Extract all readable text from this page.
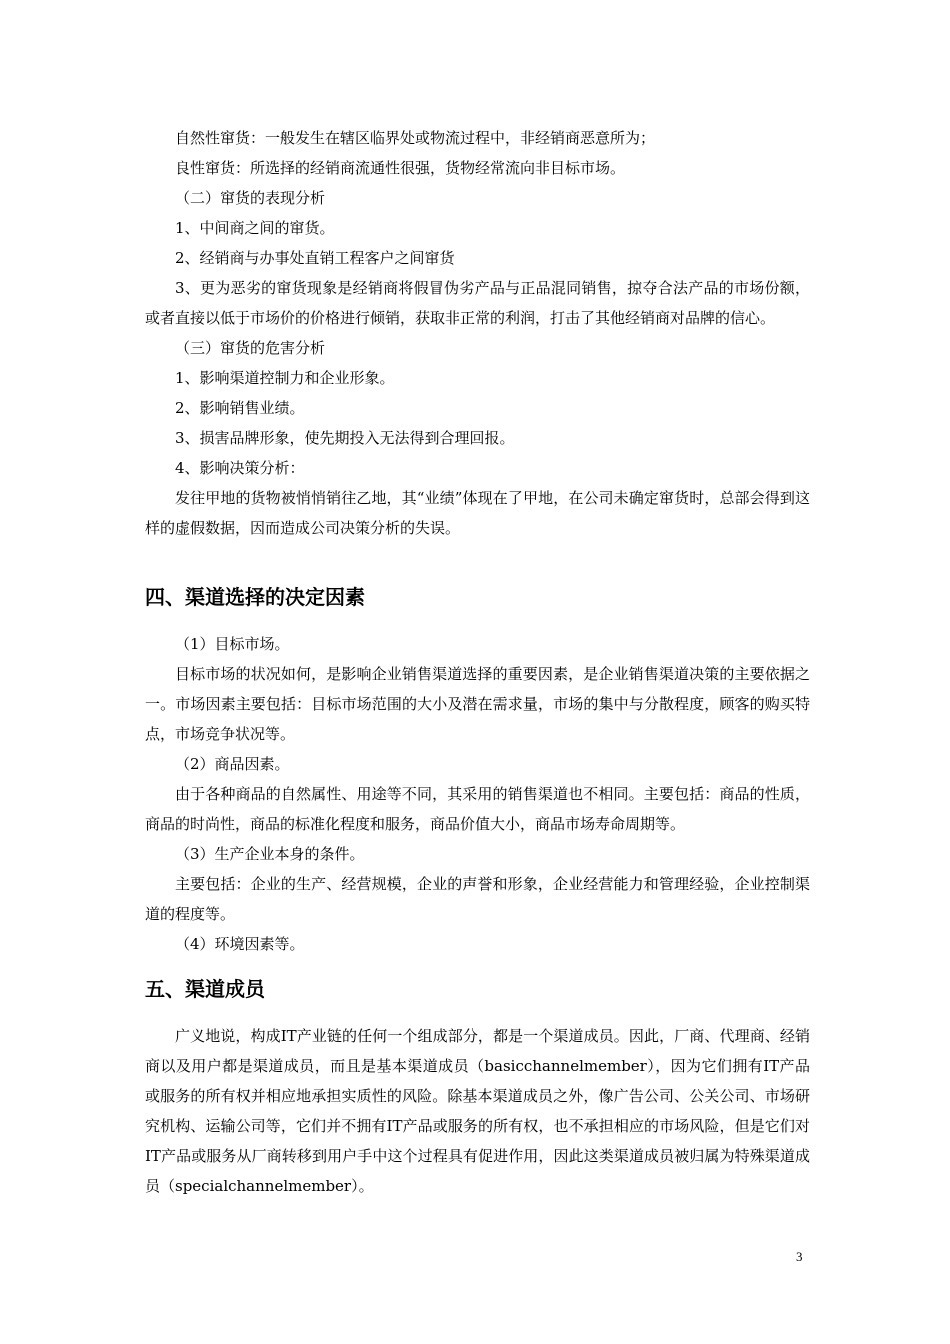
自然性窜货：一般发生在辖区临界处或物流过程中，非经销商恶意所为；

良性窜货：所选择的经销商流通性很强，货物经常流向非目标市场。

（二）窜货的表现分析

1、中间商之间的窜货。

2、经销商与办事处直销工程客户之间窜货

3、更为恶劣的窜货现象是经销商将假冒伪劣产品与正品混同销售，掠夺合法产品的市场份额，或者直接以低于市场价的价格进行倾销，获取非正常的利润，打击了其他经销商对品牌的信心。

（三）窜货的危害分析

1、影响渠道控制力和企业形象。

2、影响销售业绩。

3、损害品牌形象，使先期投入无法得到合理回报。

4、影响决策分析：

发往甲地的货物被悄悄销往乙地，其“业绩”体现在了甲地，在公司未确定窜货时，总部会得到这样的虚假数据，因而造成公司决策分析的失误。

四、渠道选择的决定因素

（1）目标市场。

目标市场的状况如何，是影响企业销售渠道选择的重要因素，是企业销售渠道决策的主要依据之一。市场因素主要包括：目标市场范围的大小及潜在需求量，市场的集中与分散程度，顾客的购买特点，市场竞争状况等。

（2）商品因素。

由于各种商品的自然属性、用途等不同，其采用的销售渠道也不相同。主要包括：商品的性质，商品的时尚性，商品的标准化程度和服务，商品价值大小，商品市场寿命周期等。

（3）生产企业本身的条件。

主要包括：企业的生产、经营规模，企业的声誉和形象，企业经营能力和管理经验，企业控制渠道的程度等。

（4）环境因素等。

五、渠道成员

广义地说，构成IT产业链的任何一个组成部分，都是一个渠道成员。因此，厂商、代理商、经销商以及用户都是渠道成员，而且是基本渠道成员（basicchannelmember），因为它们拥有IT产品或服务的所有权并相应地承担实质性的风险。除基本渠道成员之外，像广告公司、公关公司、市场研究机构、运输公司等，它们并不拥有IT产品或服务的所有权，也不承担相应的市场风险，但是它们对IT产品或服务从厂商转移到用户手中这个过程具有促进作用，因此这类渠道成员被归属为特殊渠道成员（specialchannelmember）。

3
